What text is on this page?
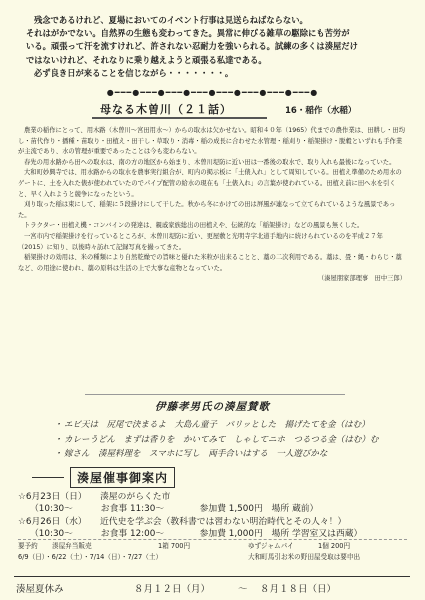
残念であるけれど、夏場においてのイベント行事は見送らねばならない。

それはがかでない。自然界の生態も変わってきた。異常に伸びる雑草の駆除にも苦労が

いる。頑張って汗を流すけれど、許されない忍耐力を強いられる。試練の多くは湊屋だけ

ではないけれど、それなりに乗り越えようと頑張る私達である。

必ず良き日が来ることを信じながら・・・・・・・。

●━━━●━━━●━━━●━━━●━━━●━━━●━━━●━━━●
母なる木曽川（２１話）	16・稲作（水稲）

農業の稲作にとって、用木路（木曽川〜宮田用水〜）からの取水は欠かせない。昭和４０年（1965）代までの農作業は、田耕し・田均し・苗代作り・播種・苗取り・田植え・田干し・草取り・消毒・稲の成長に合わせた水管理・稲刈り・稲架掛け・脱穀といずれも手作業が主流であり、水の管理が重要であったことは今も変わらない。

春先の用水路から田への取水は、南の方の地区から始まり、木曽川堤防に近い田は一番後の取水で、取り入れも最後になっていた。

大和町妙興寺では、用水路からの取水を農事実行組合が、町内の掲示板に「土俵入れ」として周知している。田植え準備のため用水のゲートに、土を入れた俵が使われていたのでパイプ配管の給水の現在も「土俵入れ」の言葉が使われている。田植え前に田へ水を引くと、早く入れようと競争になったという。

刈り取った稲は束にして、稲架に５段掛けにして干した。秋から冬にかけての田は屏風が連なって立てられているような風景であった。

トラクター・田植え機・コンバインの発達は、親戚家族総出の田植えや、伝統的な「稲架掛け」などの風景も無くした。

一宮市内で稲架掛けを行っているところが、木曽川堤防に近い、更屋敷と光明寺字北道手地内に続けられているのを平成２７年（2015）に知り、以後時々訪れて記録写真を撮ってきた。

稲架掛けの効用は、米の種類により自然乾燥での旨味と優れた米粒が出来ることと、藁の二次利用である。藁は、畳・縄・わらじ・藁など、の用途に使われ、藁の原料は生活の上で大事な産物となっていた。

（湊屋朋家部理事　田中三郎）
伊藤孝男氏の湊屋賛歌
・エビ天は　尻尾で決まるよ　大島ん童子　パリッとした　揚げたてを金（はむ）
・カレーうどん　まずは香りを　かいてみて　しゃしてニホ　つるつる金（はむ）む
・嫁さん　湊屋料理を　スマホに写し　両手合いはする　一人遊びかな
湊屋催事御案内
☆6月23日（日） 湊屋のがらくた市
（10:30〜	お食事 11:30〜	参加費 1,500円　場所 蔵前）
☆6月26日（水） 近代史を学ぶ会（教科書では習わない明治時代とその人々！）
（10:30〜	お食事 12:00〜	参加費 1,000円　場所 学習室又は西蔵）
要予約 湊屋弁当販売	1箱 700円	ゆずジャムパイ	1個 200円
6/9（日）・6/22（土）・7/14（日）・7/27（土）	大和町馬引お米の野田屋受取は要申出
湊屋夏休み	８月１２日（月）	〜 ８月１８日（日）
